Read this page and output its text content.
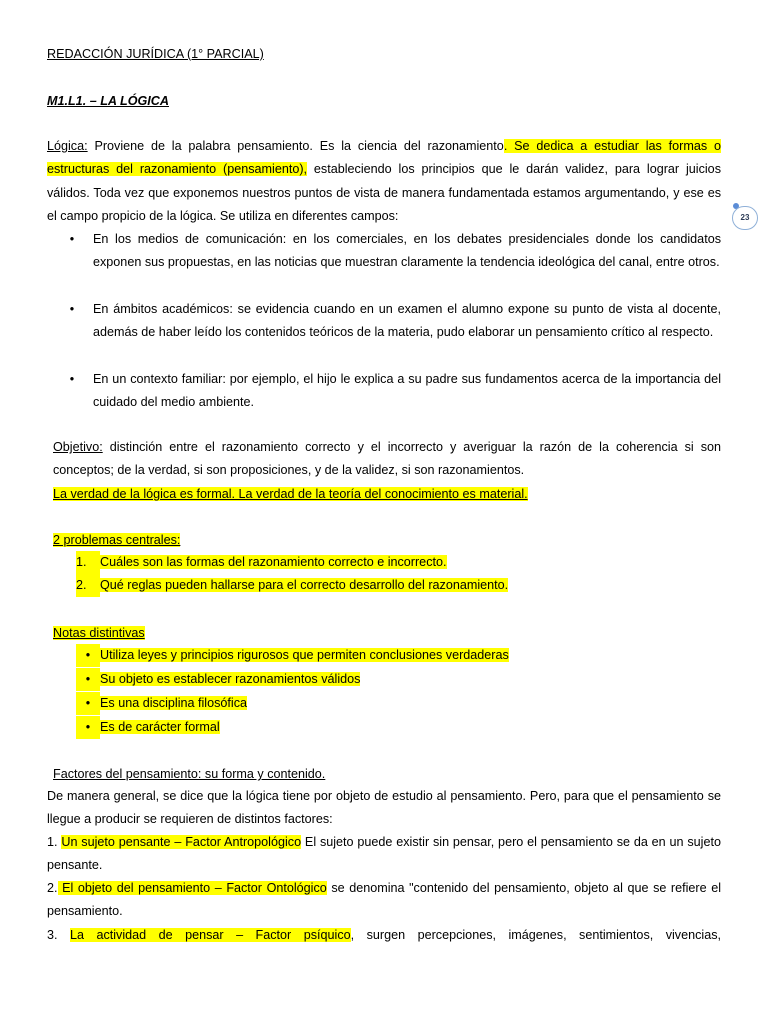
REDACCIÓN JURÍDICA (1° PARCIAL)
M1.L1. – LA LÓGICA
23
Lógica: Proviene de la palabra pensamiento. Es la ciencia del razonamiento. Se dedica a estudiar las formas o estructuras del razonamiento (pensamiento), estableciendo los principios que le darán validez, para lograr juicios válidos. Toda vez que exponemos nuestros puntos de vista de manera fundamentada estamos argumentando, y ese es el campo propicio de la lógica. Se utiliza en diferentes campos:
•	En los medios de comunicación: en los comerciales, en los debates presidenciales donde los candidatos exponen sus propuestas, en las noticias que muestran claramente la tendencia ideológica del canal, entre otros.
•	En ámbitos académicos: se evidencia cuando en un examen el alumno expone su punto de vista al docente, además de haber leído los contenidos teóricos de la materia, pudo elaborar un pensamiento crítico al respecto.
•	En un contexto familiar: por ejemplo, el hijo le explica a su padre sus fundamentos acerca de la importancia del cuidado del medio ambiente.
Objetivo: distinción entre el razonamiento correcto y el incorrecto y averiguar la razón de la coherencia si son conceptos; de la verdad, si son proposiciones, y de la validez, si son razonamientos.
La verdad de la lógica es formal. La verdad de la teoría del conocimiento es material.
2 problemas centrales:
1. Cuáles son las formas del razonamiento correcto e incorrecto.
2. Qué reglas pueden hallarse para el correcto desarrollo del razonamiento.
Notas distintivas
• Utiliza leyes y principios rigurosos que permiten conclusiones verdaderas
• Su objeto es establecer razonamientos válidos
• Es una disciplina filosófica
• Es de carácter formal
Factores del pensamiento: su forma y contenido.
De manera general, se dice que la lógica tiene por objeto de estudio al pensamiento. Pero, para que el pensamiento se llegue a producir se requieren de distintos factores:
1. Un sujeto pensante – Factor Antropológico El sujeto puede existir sin pensar, pero el pensamiento se da en un sujeto pensante.
2. El objeto del pensamiento – Factor Ontológico se denomina "contenido del pensamiento, objeto al que se refiere el pensamiento.
3. La actividad de pensar – Factor psíquico, surgen percepciones, imágenes, sentimientos, vivencias,
